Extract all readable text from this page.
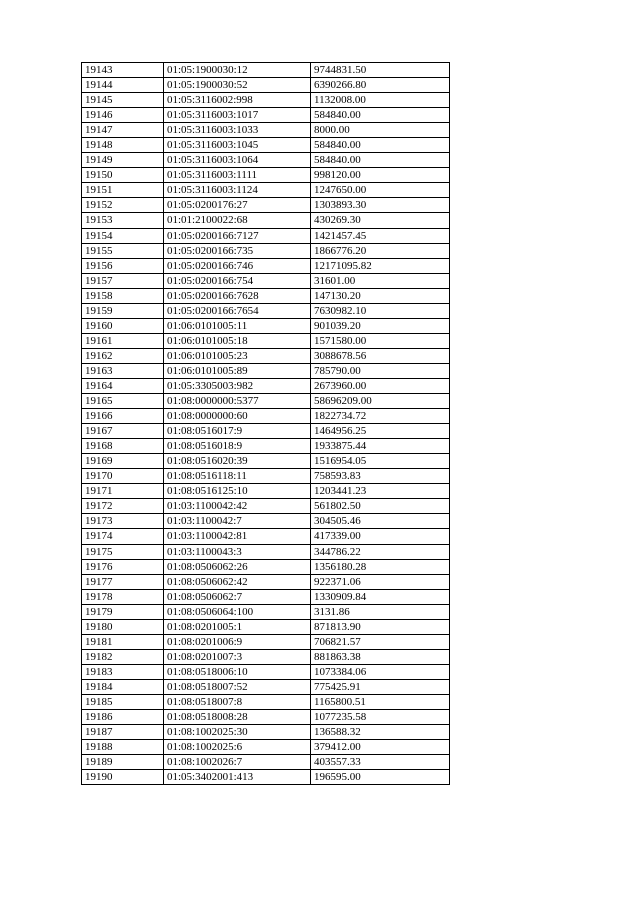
19143	01:05:1900030:12	9744831.50
19144	01:05:1900030:52	6390266.80
19145	01:05:3116002:998	1132008.00
19146	01:05:3116003:1017	584840.00
19147	01:05:3116003:1033	8000.00
19148	01:05:3116003:1045	584840.00
19149	01:05:3116003:1064	584840.00
19150	01:05:3116003:1111	998120.00
19151	01:05:3116003:1124	1247650.00
19152	01:05:0200176:27	1303893.30
19153	01:01:2100022:68	430269.30
19154	01:05:0200166:7127	1421457.45
19155	01:05:0200166:735	1866776.20
19156	01:05:0200166:746	12171095.82
19157	01:05:0200166:754	31601.00
19158	01:05:0200166:7628	147130.20
19159	01:05:0200166:7654	7630982.10
19160	01:06:0101005:11	901039.20
19161	01:06:0101005:18	1571580.00
19162	01:06:0101005:23	3088678.56
19163	01:06:0101005:89	785790.00
19164	01:05:3305003:982	2673960.00
19165	01:08:0000000:5377	58696209.00
19166	01:08:0000000:60	1822734.72
19167	01:08:0516017:9	1464956.25
19168	01:08:0516018:9	1933875.44
19169	01:08:0516020:39	1516954.05
19170	01:08:0516118:11	758593.83
19171	01:08:0516125:10	1203441.23
19172	01:03:1100042:42	561802.50
19173	01:03:1100042:7	304505.46
19174	01:03:1100042:81	417339.00
19175	01:03:1100043:3	344786.22
19176	01:08:0506062:26	1356180.28
19177	01:08:0506062:42	922371.06
19178	01:08:0506062:7	1330909.84
19179	01:08:0506064:100	3131.86
19180	01:08:0201005:1	871813.90
19181	01:08:0201006:9	706821.57
19182	01:08:0201007:3	881863.38
19183	01:08:0518006:10	1073384.06
19184	01:08:0518007:52	775425.91
19185	01:08:0518007:8	1165800.51
19186	01:08:0518008:28	1077235.58
19187	01:08:1002025:30	136588.32
19188	01:08:1002025:6	379412.00
19189	01:08:1002026:7	403557.33
19190	01:05:3402001:413	196595.00
